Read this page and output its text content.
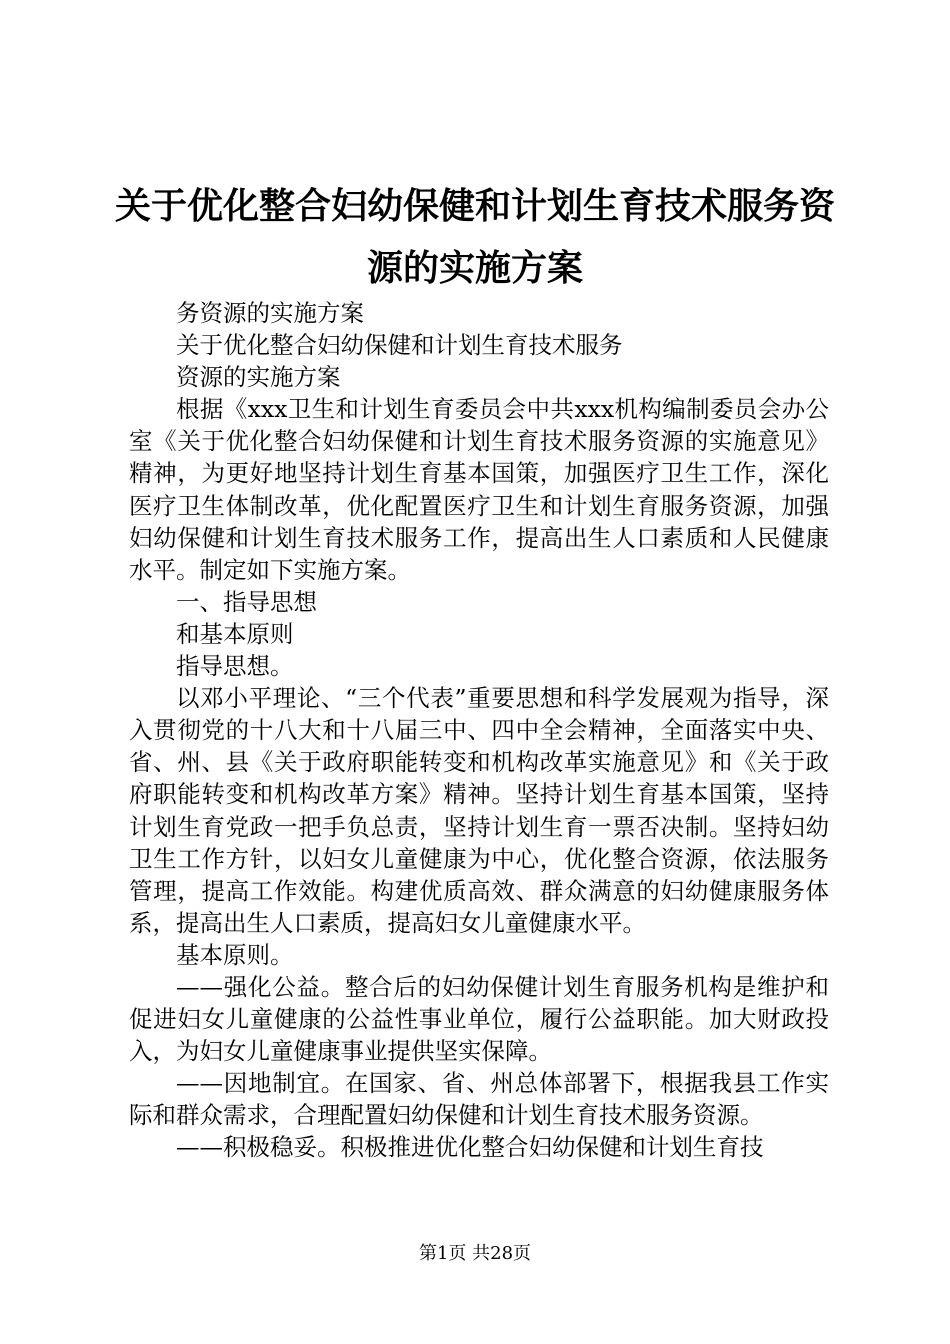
关于优化整合妇幼保健和计划生育技术服务资源的实施方案

务资源的实施方案

关于优化整合妇幼保健和计划生育技术服务

资源的实施方案

根据《xxx卫生和计划生育委员会中共xxx机构编制委员会办公室《关于优化整合妇幼保健和计划生育技术服务资源的实施意见》精神，为更好地坚持计划生育基本国策，加强医疗卫生工作，深化医疗卫生体制改革，优化配置医疗卫生和计划生育服务资源，加强妇幼保健和计划生育技术服务工作，提高出生人口素质和人民健康水平。制定如下实施方案。

一、指导思想

和基本原则

指导思想。

以邓小平理论、“三个代表”重要思想和科学发展观为指导，深入贯彻党的十八大和十八届三中、四中全会精神，全面落实中央、省、州、县《关于政府职能转变和机构改革实施意见》和《关于政府职能转变和机构改革方案》精神。坚持计划生育基本国策，坚持计划生育党政一把手负总责，坚持计划生育一票否决制。坚持妇幼卫生工作方针，以妇女儿童健康为中心，优化整合资源，依法服务管理，提高工作效能。构建优质高效、群众满意的妇幼健康服务体系，提高出生人口素质，提高妇女儿童健康水平。

基本原则。

——强化公益。整合后的妇幼保健计划生育服务机构是维护和促进妇女儿童健康的公益性事业单位，履行公益职能。加大财政投入，为妇女儿童健康事业提供坚实保障。

——因地制宜。在国家、省、州总体部署下，根据我县工作实际和群众需求，合理配置妇幼保健和计划生育技术服务资源。

——积极稳妥。积极推进优化整合妇幼保健和计划生育技

第1页 共28页
